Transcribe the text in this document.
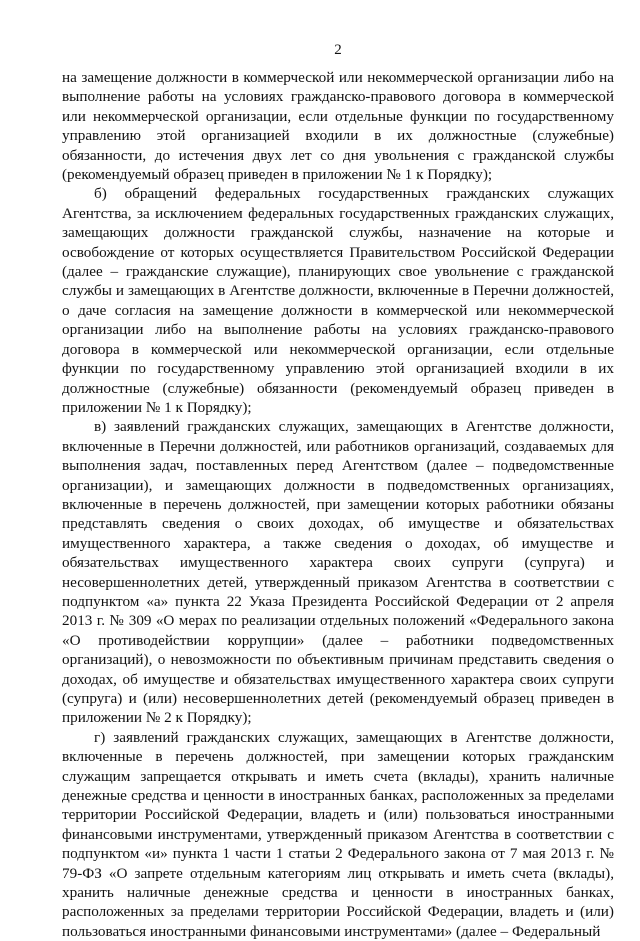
2

на замещение должности в коммерческой или некоммерческой организации либо на выполнение работы на условиях гражданско-правового договора в коммерческой или некоммерческой организации, если отдельные функции по государственному управлению этой организацией входили в их должностные (служебные) обязанности, до истечения двух лет со дня увольнения с гражданской службы (рекомендуемый образец приведен в приложении № 1 к Порядку);

б) обращений федеральных государственных гражданских служащих Агентства, за исключением федеральных государственных гражданских служащих, замещающих должности гражданской службы, назначение на которые и освобождение от которых осуществляется Правительством Российской Федерации (далее – гражданские служащие), планирующих свое увольнение с гражданской службы и замещающих в Агентстве должности, включенные в Перечни должностей, о даче согласия на замещение должности в коммерческой или некоммерческой организации либо на выполнение работы на условиях гражданско-правового договора в коммерческой или некоммерческой организации, если отдельные функции по государственному управлению этой организацией входили в их должностные (служебные) обязанности (рекомендуемый образец приведен в приложении № 1 к Порядку);

в) заявлений гражданских служащих, замещающих в Агентстве должности, включенные в Перечни должностей, или работников организаций, создаваемых для выполнения задач, поставленных перед Агентством (далее – подведомственные организации), и замещающих должности в подведомственных организациях, включенные в перечень должностей, при замещении которых работники обязаны представлять сведения о своих доходах, об имуществе и обязательствах имущественного характера, а также сведения о доходах, об имуществе и обязательствах имущественного характера своих супруги (супруга) и несовершеннолетних детей, утвержденный приказом Агентства в соответствии с подпунктом «а» пункта 22 Указа Президента Российской Федерации от 2 апреля 2013 г. № 309 «О мерах по реализации отдельных положений «Федерального закона «О противодействии коррупции» (далее – работники подведомственных организаций), о невозможности по объективным причинам представить сведения о доходах, об имуществе и обязательствах имущественного характера своих супруги (супруга) и (или) несовершеннолетних детей (рекомендуемый образец приведен в приложении № 2 к Порядку);

г) заявлений гражданских служащих, замещающих в Агентстве должности, включенные в перечень должностей, при замещении которых гражданским служащим запрещается открывать и иметь счета (вклады), хранить наличные денежные средства и ценности в иностранных банках, расположенных за пределами территории Российской Федерации, владеть и (или) пользоваться иностранными финансовыми инструментами, утвержденный приказом Агентства в соответствии с подпунктом «и» пункта 1 части 1 статьи 2 Федерального закона от 7 мая 2013 г. № 79-ФЗ «О запрете отдельным категориям лиц открывать и иметь счета (вклады), хранить наличные денежные средства и ценности в иностранных банках, расположенных за пределами территории Российской Федерации, владеть и (или) пользоваться иностранными финансовыми инструментами» (далее – Федеральный
